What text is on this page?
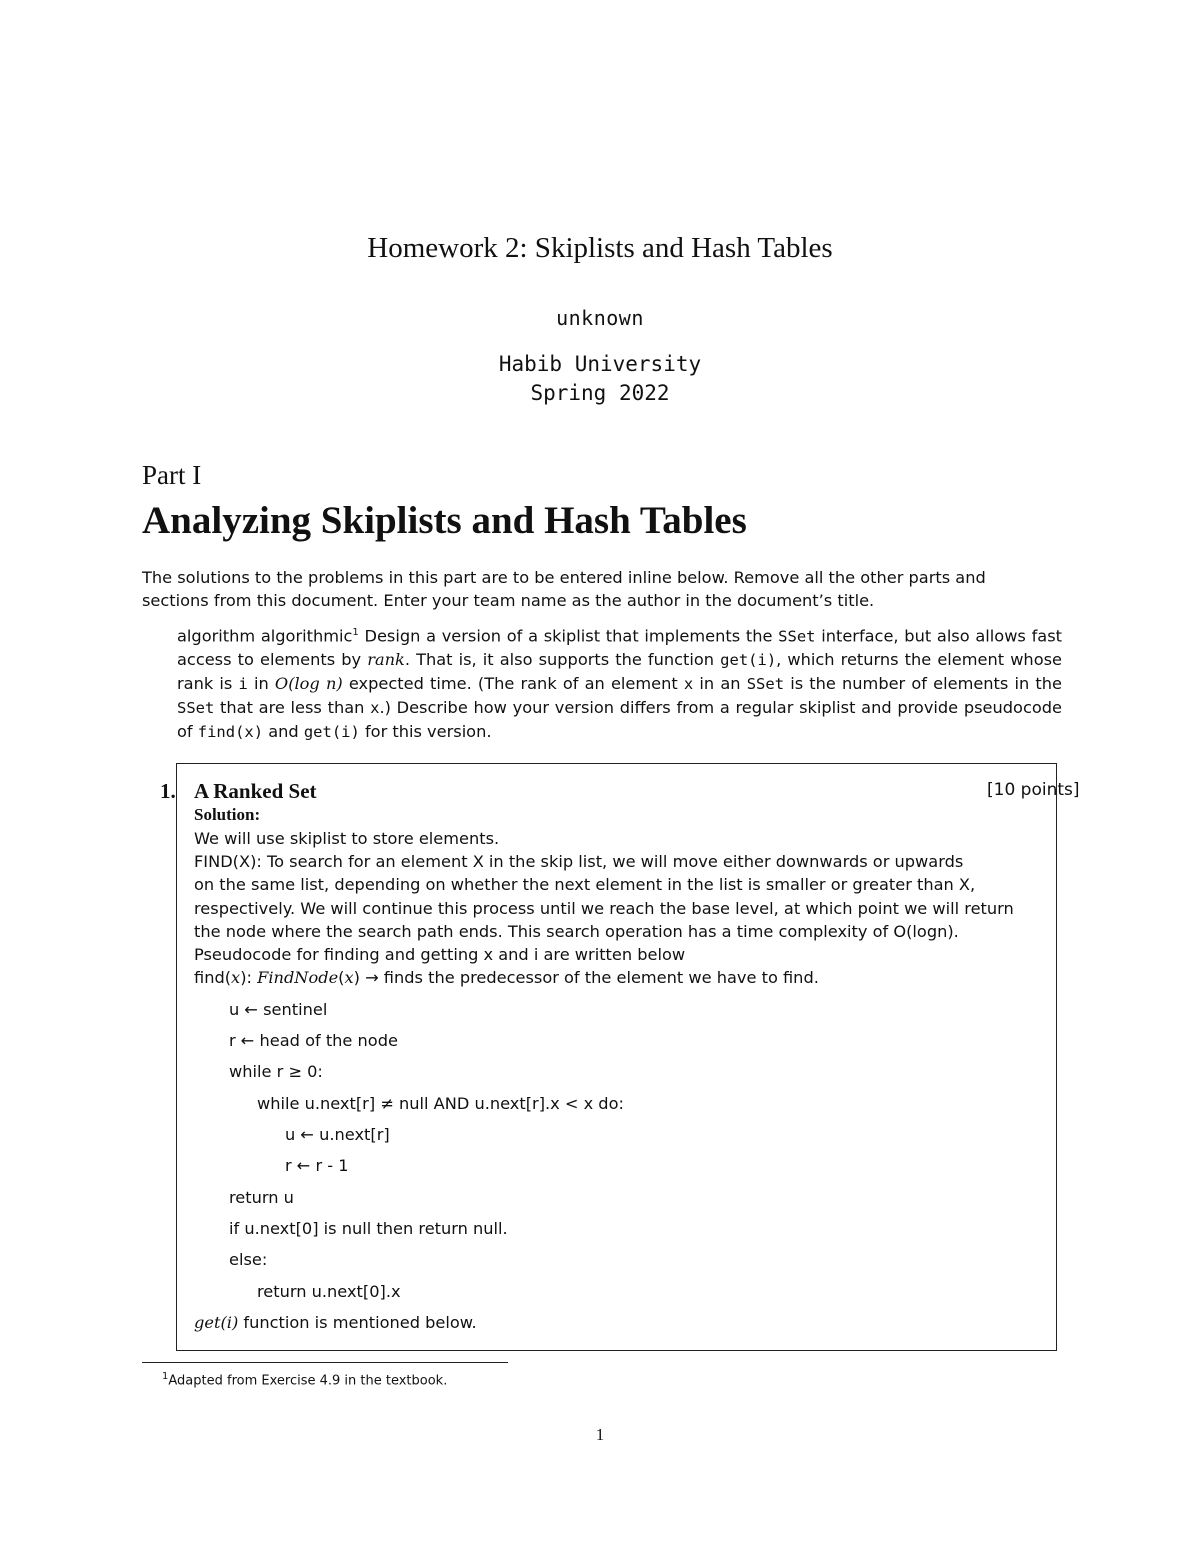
Homework 2: Skiplists and Hash Tables
unknown
Habib University
Spring 2022
Part I
Analyzing Skiplists and Hash Tables
The solutions to the problems in this part are to be entered inline below. Remove all the other parts and
sections from this document. Enter your team name as the author in the document’s title.
algorithm algorithmic$^1$ Design a version of a skiplist that implements the SSet interface, but also allows fast access to elements by rank. That is, it also supports the function get(i), which returns the element whose rank is i in O(log n) expected time. (The rank of an element x in an SSet is the number of elements in the SSet that are less than x.) Describe how your version differs from a regular skiplist and provide pseudocode of find(x) and get(i) for this version.
1. A Ranked Set	[10 points]
Solution:
We will use skiplist to store elements.
FIND(X): To search for an element X in the skip list, we will move either downwards or upwards
on the same list, depending on whether the next element in the list is smaller or greater than X,
respectively. We will continue this process until we reach the base level, at which point we will return
the node where the search path ends. This search operation has a time complexity of O(logn).
Pseudocode for finding and getting x and i are written below
find(x): FindNode(x) → finds the predecessor of the element we have to find.
u ← sentinel
r ← head of the node
while r ≥ 0:
while u.next[r] ≠ null AND u.next[r].x < x do:
u ← u.next[r]
r ← r - 1
return u
if u.next[0] is null then return null.
else:
return u.next[0].x
get(i) function is mentioned below.
$^1$Adapted from Exercise 4.9 in the textbook.
1
